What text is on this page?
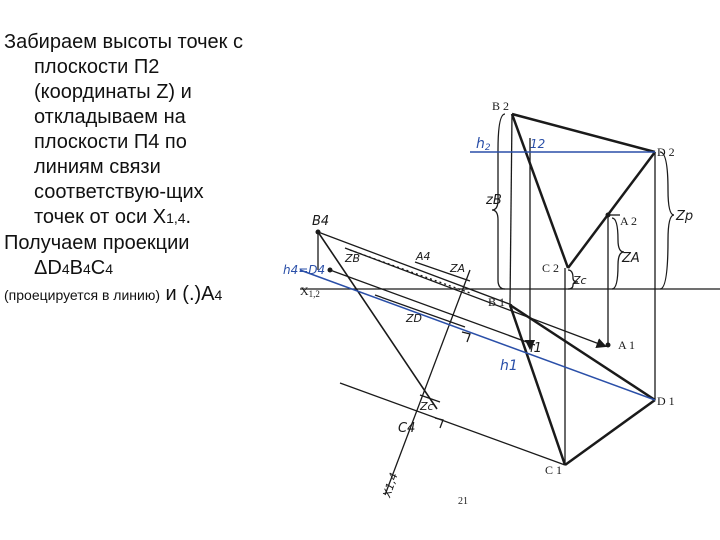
Забираем высоты точек с плоскости П2 (координаты Z) и откладываем на плоскости П4 по линиям связи соответствую-щих точек от оси X1,4.

Получаем проекции ΔD4B4C4

(проецируется в линию) и (.)A4

B 2
D 2
A 2
C 2
B 1
A 1
D 1
C 1
X1,2
21
zB
Zp
ZA
Zc
B4
ZB	A4
ZA
ZD
Zc
C4
l1
X1,4
h2	12
h4=D4
h1
